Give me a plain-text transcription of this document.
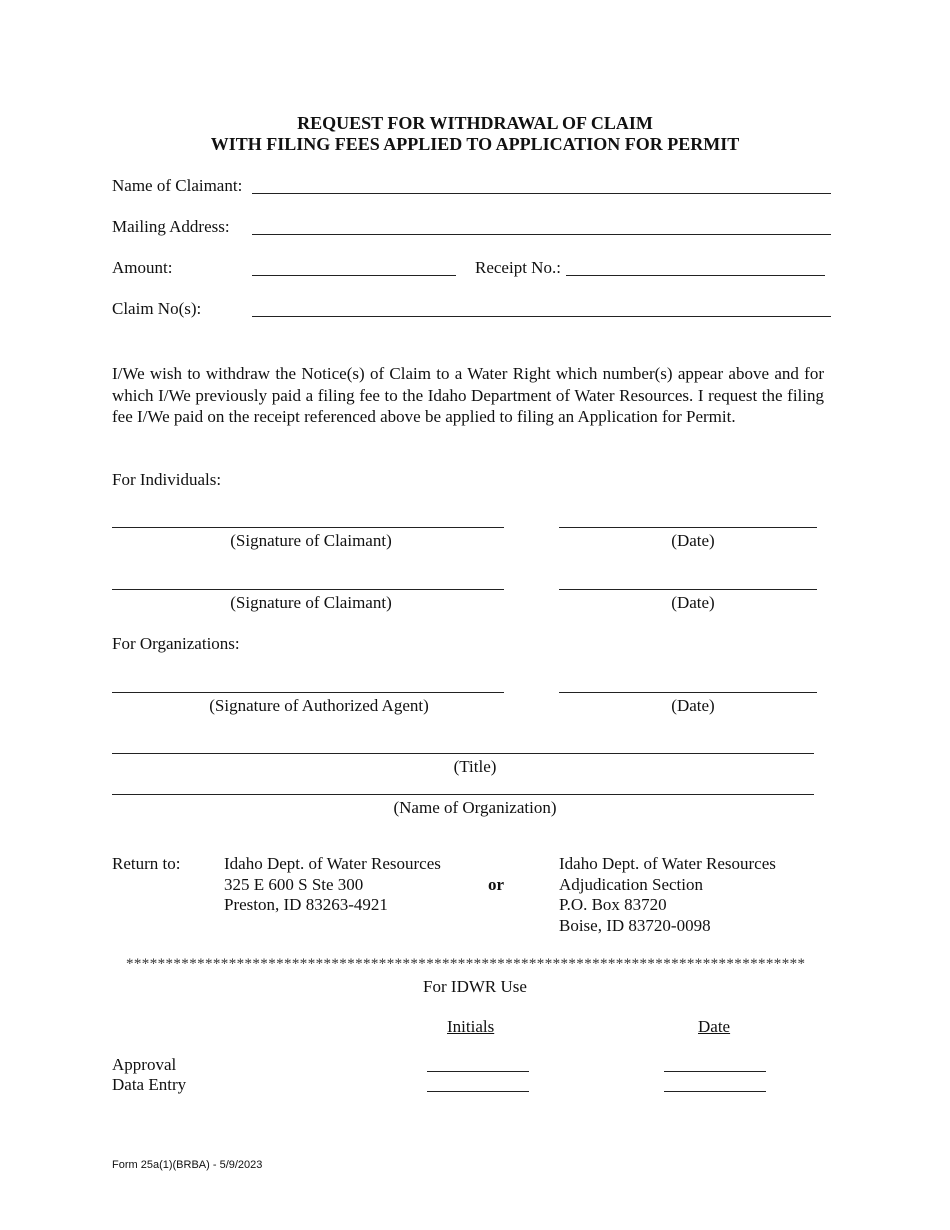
REQUEST FOR WITHDRAWAL OF CLAIM
WITH FILING FEES APPLIED TO APPLICATION FOR PERMIT
Name of Claimant:
Mailing Address:
Amount:	Receipt No.:
Claim No(s):
I/We wish to withdraw the Notice(s) of Claim to a Water Right which number(s) appear above and for which I/We previously paid a filing fee to the Idaho Department of Water Resources. I request the filing fee I/We paid on the receipt referenced above be applied to filing an Application for Permit.
For Individuals:
(Signature of Claimant)	(Date)
(Signature of Claimant)	(Date)
For Organizations:
(Signature of Authorized Agent)	(Date)
(Title)
(Name of Organization)
Return to:	Idaho Dept. of Water Resources
325 E 600 S Ste 300
Preston, ID 83263-4921
or
Idaho Dept. of Water Resources
Adjudication Section
P.O. Box 83720
Boise, ID 83720-0098
**************************************************************************************
For IDWR Use
Initials	Date
Approval
Data Entry
Form 25a(1)(BRBA) - 5/9/2023
